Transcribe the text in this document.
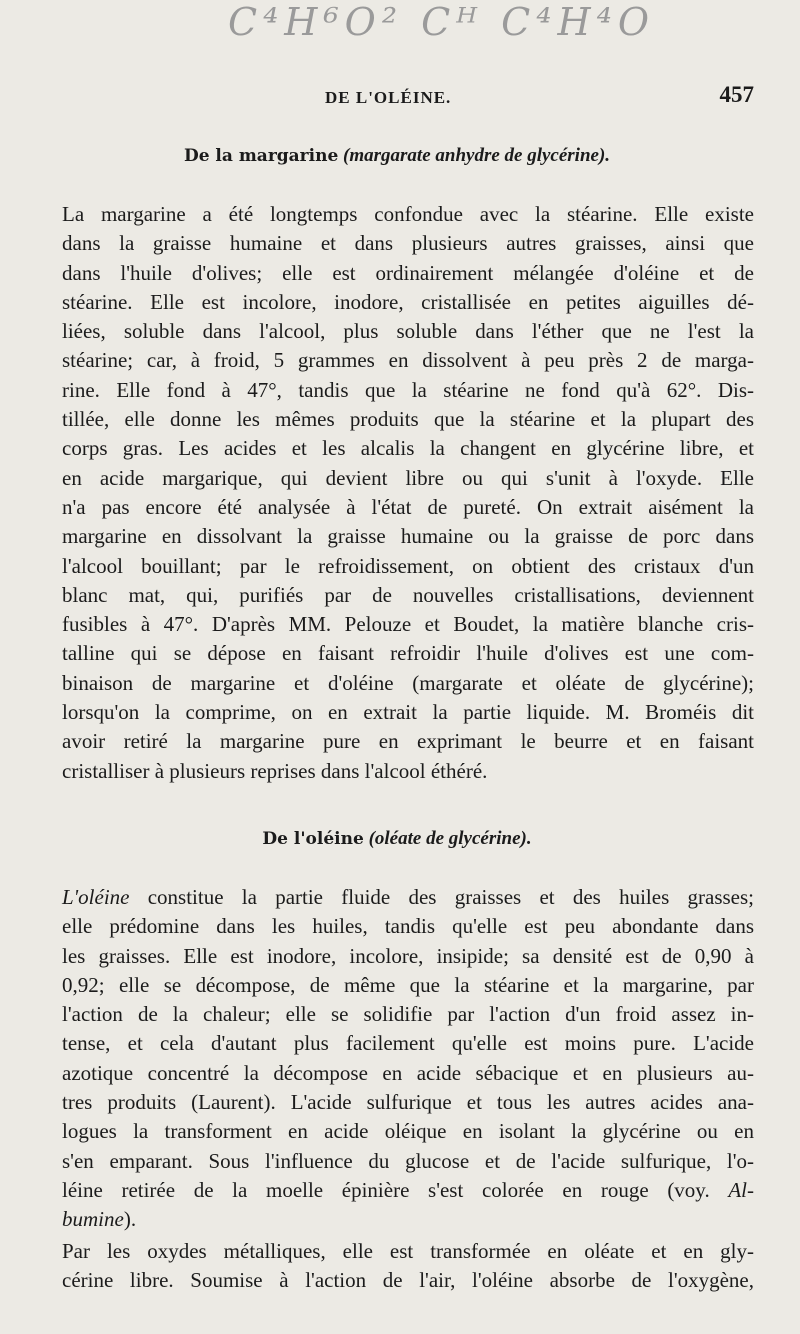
C⁴H⁶O² Cᴴ C⁴H⁴O
DE L'OLÉINE.	457
De la margarine (margarate anhydre de glycérine).

La margarine a été longtemps confondue avec la stéarine. Elle existe
dans la graisse humaine et dans plusieurs autres graisses, ainsi que
dans l'huile d'olives; elle est ordinairement mélangée d'oléine et de
stéarine. Elle est incolore, inodore, cristallisée en petites aiguilles dé-
liées, soluble dans l'alcool, plus soluble dans l'éther que ne l'est la
stéarine; car, à froid, 5 grammes en dissolvent à peu près 2 de marga-
rine. Elle fond à 47°, tandis que la stéarine ne fond qu'à 62°. Dis-
tillée, elle donne les mêmes produits que la stéarine et la plupart des
corps gras. Les acides et les alcalis la changent en glycérine libre, et
en acide margarique, qui devient libre ou qui s'unit à l'oxyde. Elle
n'a pas encore été analysée à l'état de pureté. On extrait aisément la
margarine en dissolvant la graisse humaine ou la graisse de porc dans
l'alcool bouillant; par le refroidissement, on obtient des cristaux d'un
blanc mat, qui, purifiés par de nouvelles cristallisations, deviennent
fusibles à 47°. D'après MM. Pelouze et Boudet, la matière blanche cris-
talline qui se dépose en faisant refroidir l'huile d'olives est une com-
binaison de margarine et d'oléine (margarate et oléate de glycérine);
lorsqu'on la comprime, on en extrait la partie liquide. M. Broméis dit
avoir retiré la margarine pure en exprimant le beurre et en faisant
cristalliser à plusieurs reprises dans l'alcool éthéré.

De l'oléine (oléate de glycérine).

L'oléine constitue la partie fluide des graisses et des huiles grasses;
elle prédomine dans les huiles, tandis qu'elle est peu abondante dans
les graisses. Elle est inodore, incolore, insipide; sa densité est de 0,90 à
0,92; elle se décompose, de même que la stéarine et la margarine, par
l'action de la chaleur; elle se solidifie par l'action d'un froid assez in-
tense, et cela d'autant plus facilement qu'elle est moins pure. L'acide
azotique concentré la décompose en acide sébacique et en plusieurs au-
tres produits (Laurent). L'acide sulfurique et tous les autres acides ana-
logues la transforment en acide oléique en isolant la glycérine ou en
s'en emparant. Sous l'influence du glucose et de l'acide sulfurique, l'o-
léine retirée de la moelle épinière s'est colorée en rouge (voy. Al-
bumine).

Par les oxydes métalliques, elle est transformée en oléate et en gly-
cérine libre. Soumise à l'action de l'air, l'oléine absorbe de l'oxygène,
